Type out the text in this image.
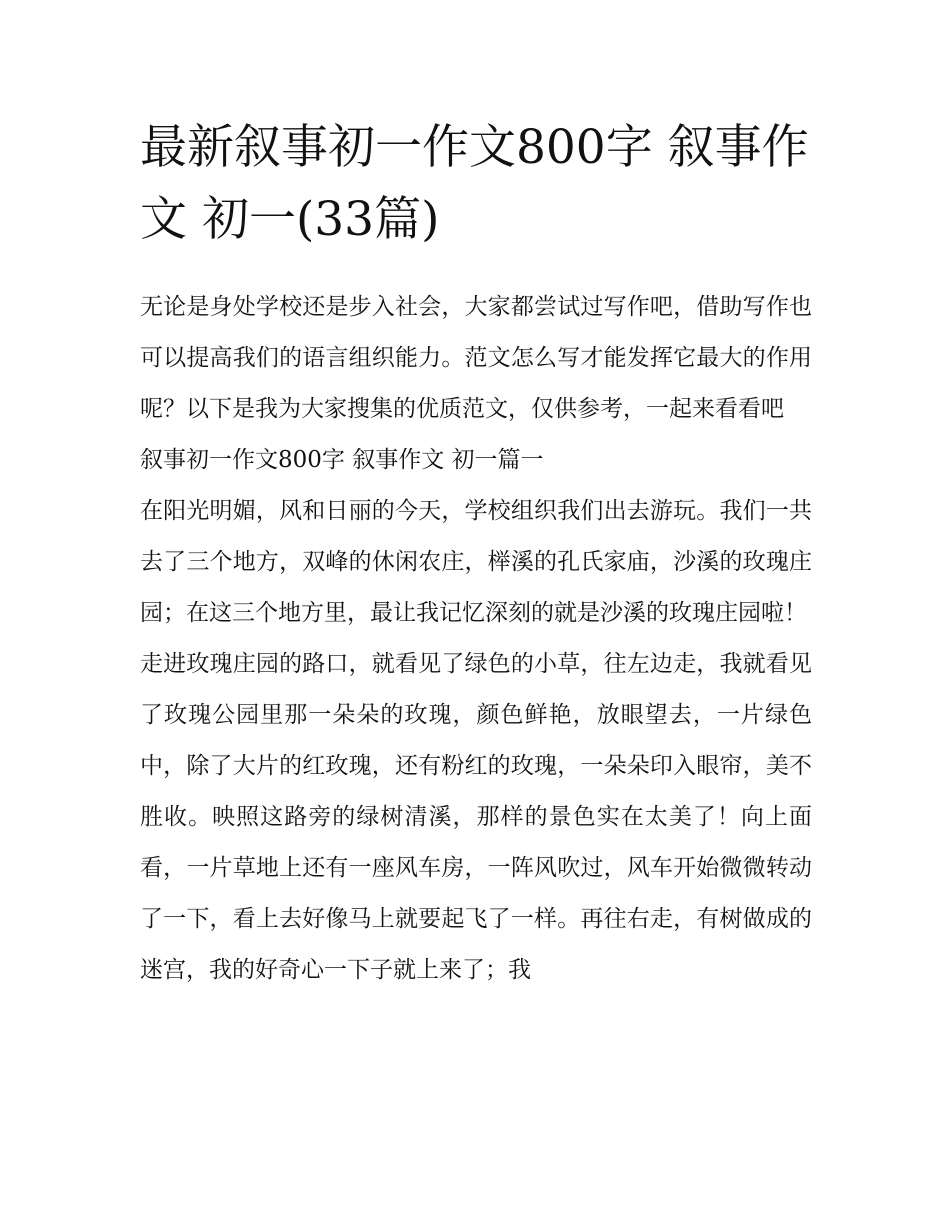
最新叙事初一作文800字 叙事作文 初一(33篇)

无论是身处学校还是步入社会，大家都尝试过写作吧，借助写作也可以提高我们的语言组织能力。范文怎么写才能发挥它最大的作用呢？以下是我为大家搜集的优质范文，仅供参考，一起来看看吧

叙事初一作文800字 叙事作文 初一篇一

在阳光明媚，风和日丽的今天，学校组织我们出去游玩。我们一共去了三个地方，双峰的休闲农庄，榉溪的孔氏家庙，沙溪的玫瑰庄园；在这三个地方里，最让我记忆深刻的就是沙溪的玫瑰庄园啦！

走进玫瑰庄园的路口，就看见了绿色的小草，往左边走，我就看见了玫瑰公园里那一朵朵的玫瑰，颜色鲜艳，放眼望去，一片绿色中，除了大片的红玫瑰，还有粉红的玫瑰，一朵朵印入眼帘，美不胜收。映照这路旁的绿树清溪，那样的景色实在太美了！向上面看，一片草地上还有一座风车房，一阵风吹过，风车开始微微转动了一下，看上去好像马上就要起飞了一样。再往右走，有树做成的迷宫，我的好奇心一下子就上来了；我
